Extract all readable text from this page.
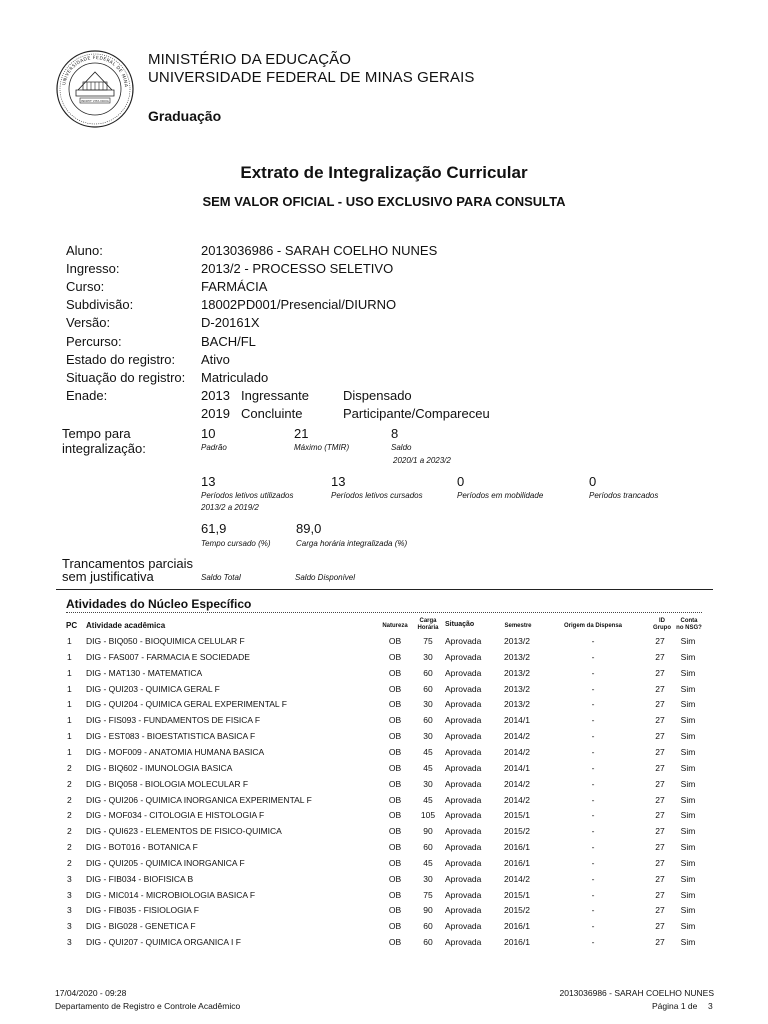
INCIPIT VITA NOVA
UNIVERSIDADE FEDERAL DE MINA
MINISTÉRIO DA EDUCAÇÃO
UNIVERSIDADE FEDERAL DE MINAS GERAIS
Graduação
Extrato de Integralização Curricular
SEM VALOR OFICIAL - USO EXCLUSIVO PARA CONSULTA
Aluno:	2013036986 - SARAH COELHO NUNES
Ingresso:	2013/2 - PROCESSO SELETIVO
Curso:	FARMÁCIA
Subdivisão:	18002PD001/Presencial/DIURNO
Versão:	D-20161X
Percurso:	BACH/FL
Estado do registro: Ativo
Situação do registro: Matriculado
Enade:	2013 Ingressante	Dispensado
2019 Concluinte	Participante/Compareceu
Tempo para
integralização:
10
Padrão
21
Máximo (TMIR)
8
Saldo
2020/1 a 2023/2
13
Períodos letivos utilizados
2013/2 a 2019/2
13
Períodos letivos cursados
0
Períodos em mobilidade
0
Períodos trancados
61,9
Tempo cursado (%)
89,0
Carga horária integralizada (%)
Trancamentos parciais
sem justificativa	Saldo Total	Saldo Disponível
Atividades do Núcleo Específico
PC Atividade acadêmica	Natureza
Carga
Horária Situação	Semestre	Origem da Dispensa
ID
Grupo
Conta
no NSG?
1 DIG - BIQ050 - BIOQUIMICA CELULAR F	OB	75	Aprovada	2013/2	-	27	Sim
1 DIG - FAS007 - FARMACIA E SOCIEDADE	OB	30	Aprovada	2013/2	-	27	Sim
1 DIG - MAT130 - MATEMATICA	OB	60	Aprovada	2013/2	-	27	Sim
1 DIG - QUI203 - QUIMICA GERAL F	OB	60	Aprovada	2013/2	-	27	Sim
1 DIG - QUI204 - QUIMICA GERAL EXPERIMENTAL F	OB	30	Aprovada	2013/2	-	27	Sim
1 DIG - FIS093 - FUNDAMENTOS DE FISICA F	OB	60	Aprovada	2014/1	-	27	Sim
1 DIG - EST083 - BIOESTATISTICA BASICA F	OB	30	Aprovada	2014/2	-	27	Sim
1 DIG - MOF009 - ANATOMIA HUMANA BASICA	OB	45	Aprovada	2014/2	-	27	Sim
2 DIG - BIQ602 - IMUNOLOGIA BASICA	OB	45	Aprovada	2014/1	-	27	Sim
2 DIG - BIQ058 - BIOLOGIA MOLECULAR F	OB	30	Aprovada	2014/2	-	27	Sim
2 DIG - QUI206 - QUIMICA INORGANICA EXPERIMENTAL F	OB	45	Aprovada	2014/2	-	27	Sim
2 DIG - MOF034 - CITOLOGIA E HISTOLOGIA F	OB	105	Aprovada	2015/1	-	27	Sim
2 DIG - QUI623 - ELEMENTOS DE FISICO-QUIMICA	OB	90	Aprovada	2015/2	-	27	Sim
2 DIG - BOT016 - BOTANICA F	OB	60	Aprovada	2016/1	-	27	Sim
2 DIG - QUI205 - QUIMICA INORGANICA F	OB	45	Aprovada	2016/1	-	27	Sim
3 DIG - FIB034 - BIOFISICA B	OB	30	Aprovada	2014/2	-	27	Sim
3 DIG - MIC014 - MICROBIOLOGIA BASICA F	OB	75	Aprovada	2015/1	-	27	Sim
3 DIG - FIB035 - FISIOLOGIA F	OB	90	Aprovada	2015/2	-	27	Sim
3 DIG - BIG028 - GENETICA F	OB	60	Aprovada	2016/1	-	27	Sim
3 DIG - QUI207 - QUIMICA ORGANICA I F	OB	60	Aprovada	2016/1	-	27	Sim
17/04/2020 - 09:28
Departamento de Registro e Controle Acadêmico
2013036986 - SARAH COELHO NUNES
Página 1 de 3
